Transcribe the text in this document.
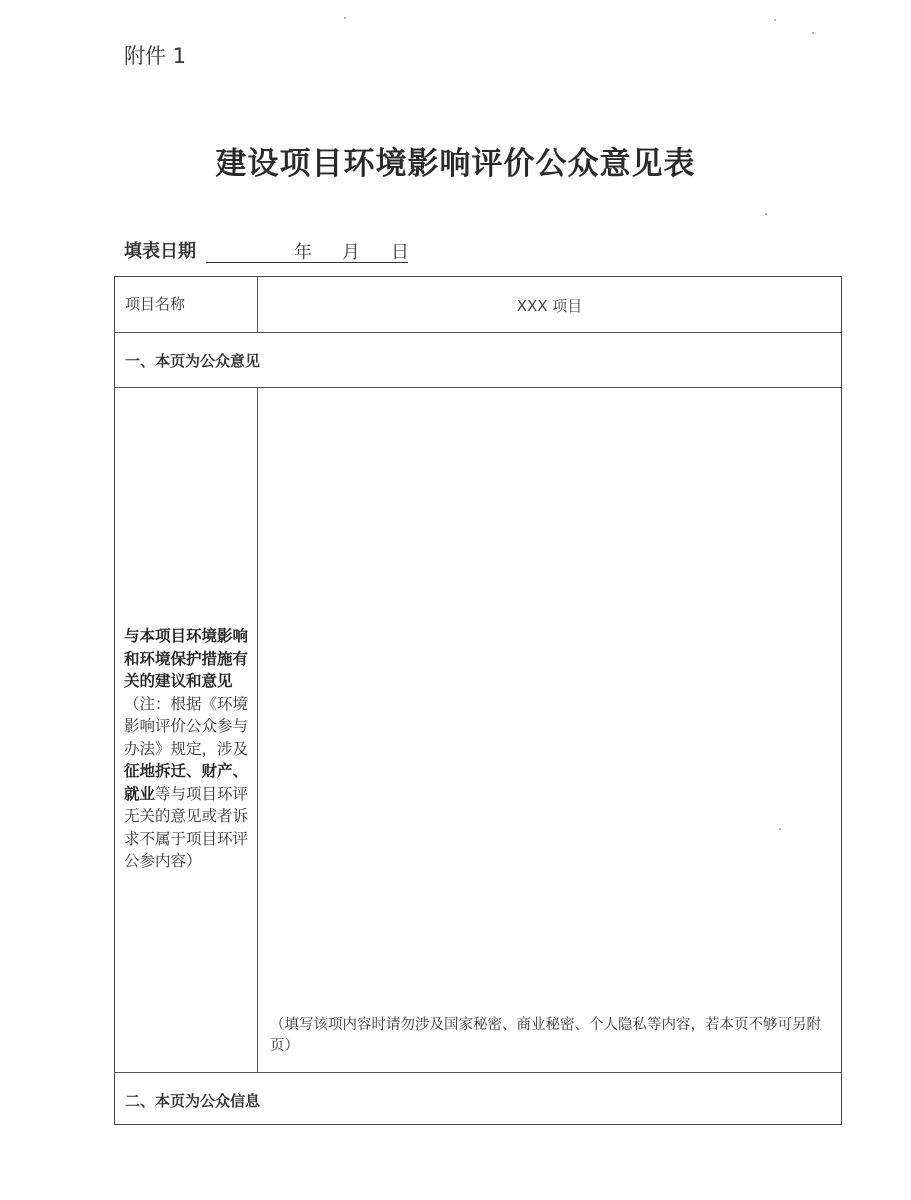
附件 1
建设项目环境影响评价公众意见表
填表日期	年 月 日
项目名称	XXX 项目
一、本页为公众意见
与本项目环境影响和环境保护措施有关的建议和意见（注：根据《环境影响评价公众参与办法》规定，涉及征地拆迁、财产、就业等与项目环评无关的意见或者诉求不属于项目环评公参内容）
（填写该项内容时请勿涉及国家秘密、商业秘密、个人隐私等内容，若本页不够可另附页）
二、本页为公众信息
